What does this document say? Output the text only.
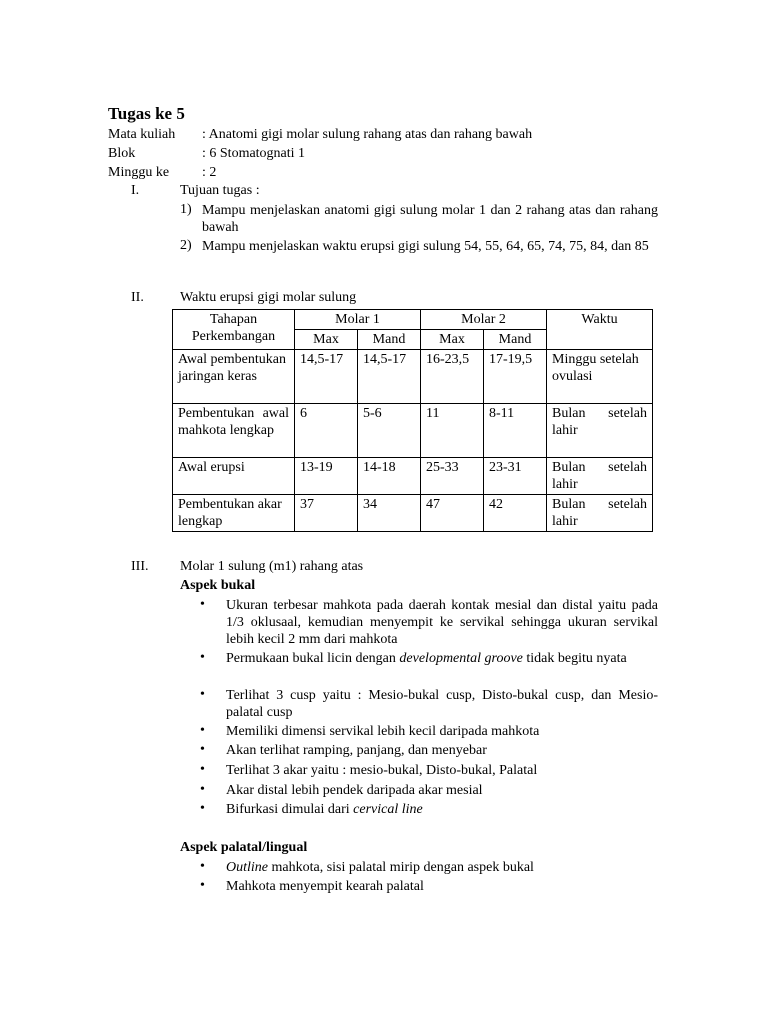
Tugas ke 5
Mata kuliah : Anatomi gigi molar sulung rahang atas dan rahang bawah
Blok	: 6 Stomatognati 1
Minggu ke : 2
I.	Tujuan tugas :
1) Mampu menjelaskan anatomi gigi sulung molar 1 dan 2 rahang atas dan rahang bawah
2) Mampu menjelaskan waktu erupsi gigi sulung 54, 55, 64, 65, 74, 75, 84, dan 85
II.	Waktu erupsi gigi molar sulung
Tahapan Perkembangan	Molar 1		Molar 2		Waktu
	Max	Mand	Max	Mand	
Awal pembentukan jaringan keras	14,5-17	14,5-17	16-23,5	17-19,5	Minggu setelah ovulasi
Pembentukan awal mahkota lengkap	6	5-6	11	8-11	Bulan setelah lahir
Awal erupsi	13-19	14-18	25-33	23-31	Bulan setelah lahir
Pembentukan akar lengkap	37	34	47	42	Bulan setelah lahir
III. Molar 1 sulung (m1) rahang atas
Aspek bukal
• Ukuran terbesar mahkota pada daerah kontak mesial dan distal yaitu pada 1/3 oklusaal, kemudian menyempit ke servikal sehingga ukuran servikal lebih kecil 2 mm dari mahkota
• Permukaan bukal licin dengan developmental groove tidak begitu nyata
• Terlihat 3 cusp yaitu : Mesio-bukal cusp, Disto-bukal cusp, dan Mesio-palatal cusp
• Memiliki dimensi servikal lebih kecil daripada mahkota
• Akan terlihat ramping, panjang, dan menyebar
• Terlihat 3 akar yaitu : mesio-bukal, Disto-bukal, Palatal
• Akar distal lebih pendek daripada akar mesial
• Bifurkasi dimulai dari cervical line
Aspek palatal/lingual
• Outline mahkota, sisi palatal mirip dengan aspek bukal
• Mahkota menyempit kearah palatal
